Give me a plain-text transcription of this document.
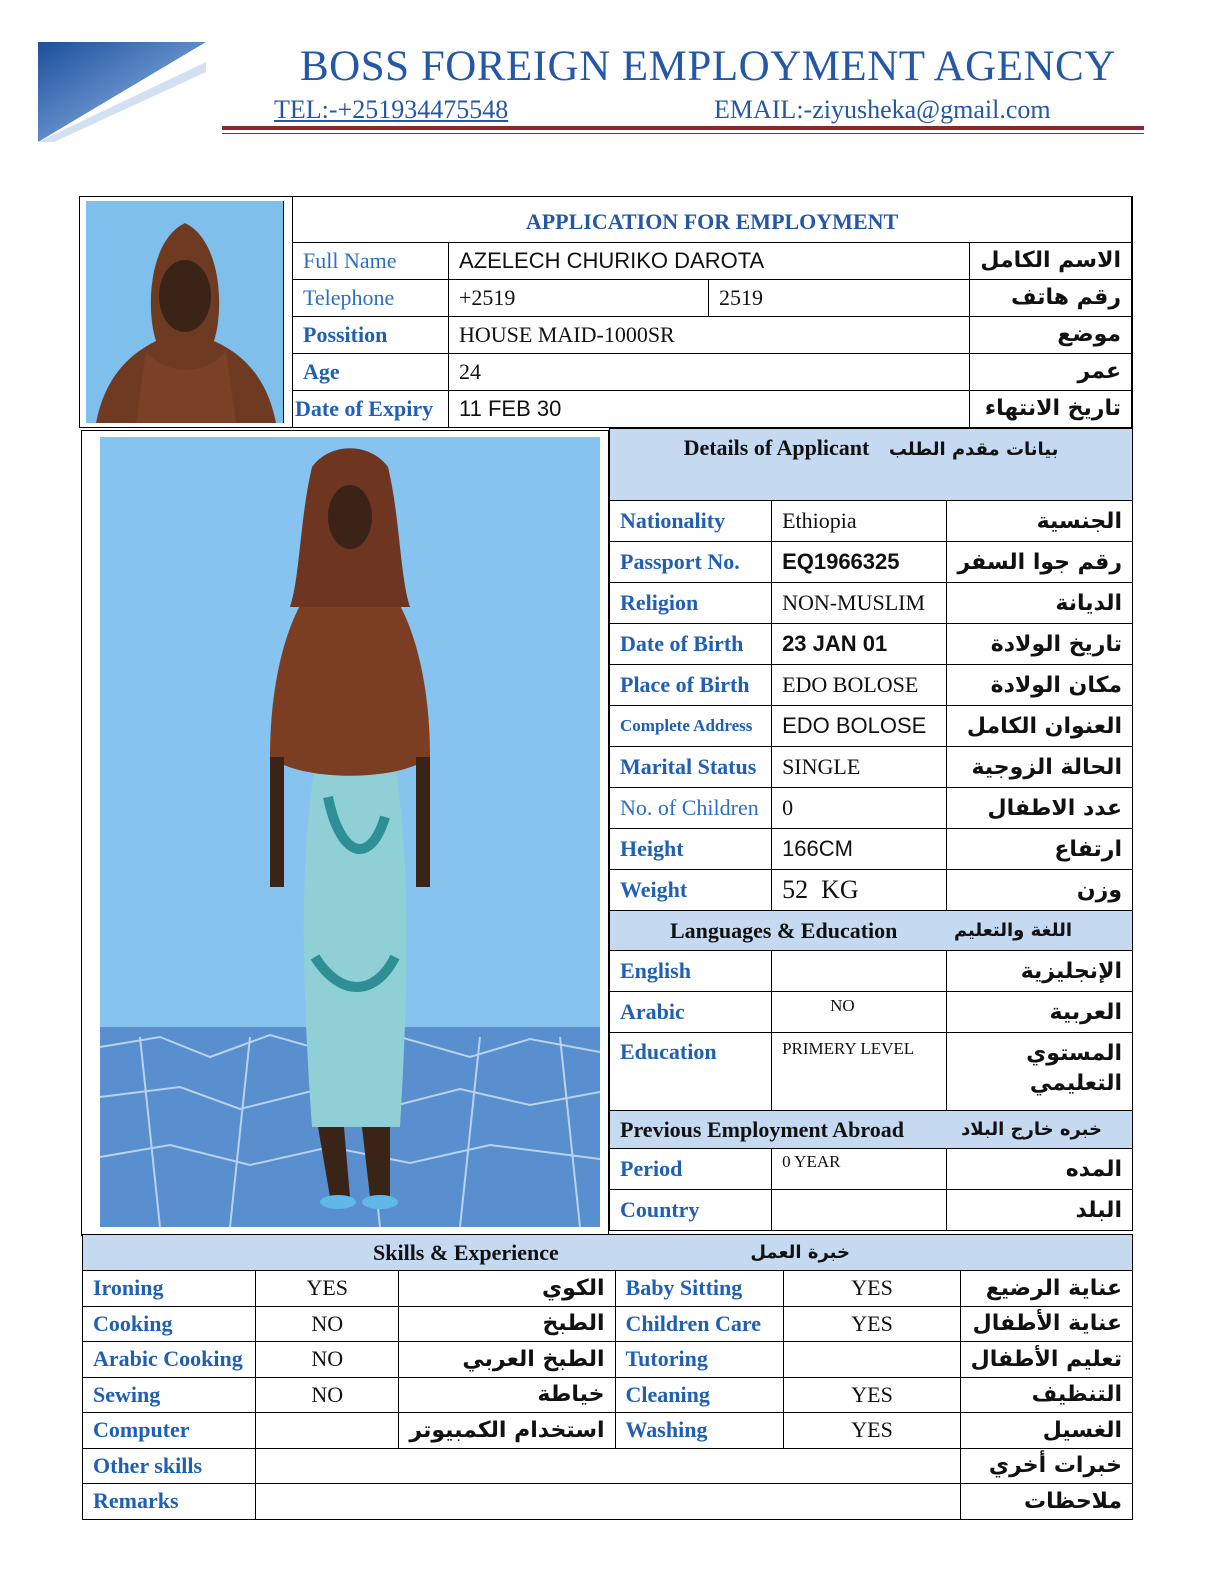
BOSS FOREIGN EMPLOYMENT AGENCY
TEL:-+251934475548	EMAIL:-ziyusheka@gmail.com
APPLICATION FOR EMPLOYMENT			
Full Name	AZELECH CHURIKO DAROTA		الاسم الكامل
Telephone	+2519	2519	رقم هاتف
Possition	HOUSE MAID-1000SR		موضع
Age	24		عمر
Date of Expiry	11 FEB 30		تاريخ الانتهاء
Details of Applicant بيانات مقدم الطلب		
Nationality	Ethiopia	الجنسية
Passport No.	EQ1966325	رقم جوا السفر
Religion	NON-MUSLIM	الديانة
Date of Birth	23 JAN 01	تاريخ الولادة
Place of Birth	EDO BOLOSE	مكان الولادة
Complete Address	EDO BOLOSE	العنوان الكامل
Marital Status	SINGLE	الحالة الزوجية
No. of Children	0	عدد الاطفال
Height	166CM	ارتفاع
Weight	52  KG	وزن

Languages & Education اللغة والتعليم		

English		الإنجليزية
Arabic	NO	العربية
Education	PRIMERY LEVEL	المستوي التعليمي

Previous Employment Abroad خبره خارج البلاد		

Period	0 YEAR	المده
Country		البلد
Skills & Experience خبرة العمل					

Ironing	YES	الكوي	Baby Sitting	YES	عناية الرضيع
Cooking	NO	الطبخ	Children Care	YES	عناية الأطفال
Arabic Cooking	NO	الطبخ العربي	Tutoring		تعليم الأطفال
Sewing	NO	خياطة	Cleaning	YES	التنظيف
Computer		استخدام الكمبيوتر	Washing	YES	الغسيل
Other skills					خبرات أخري
Remarks					ملاحظات
